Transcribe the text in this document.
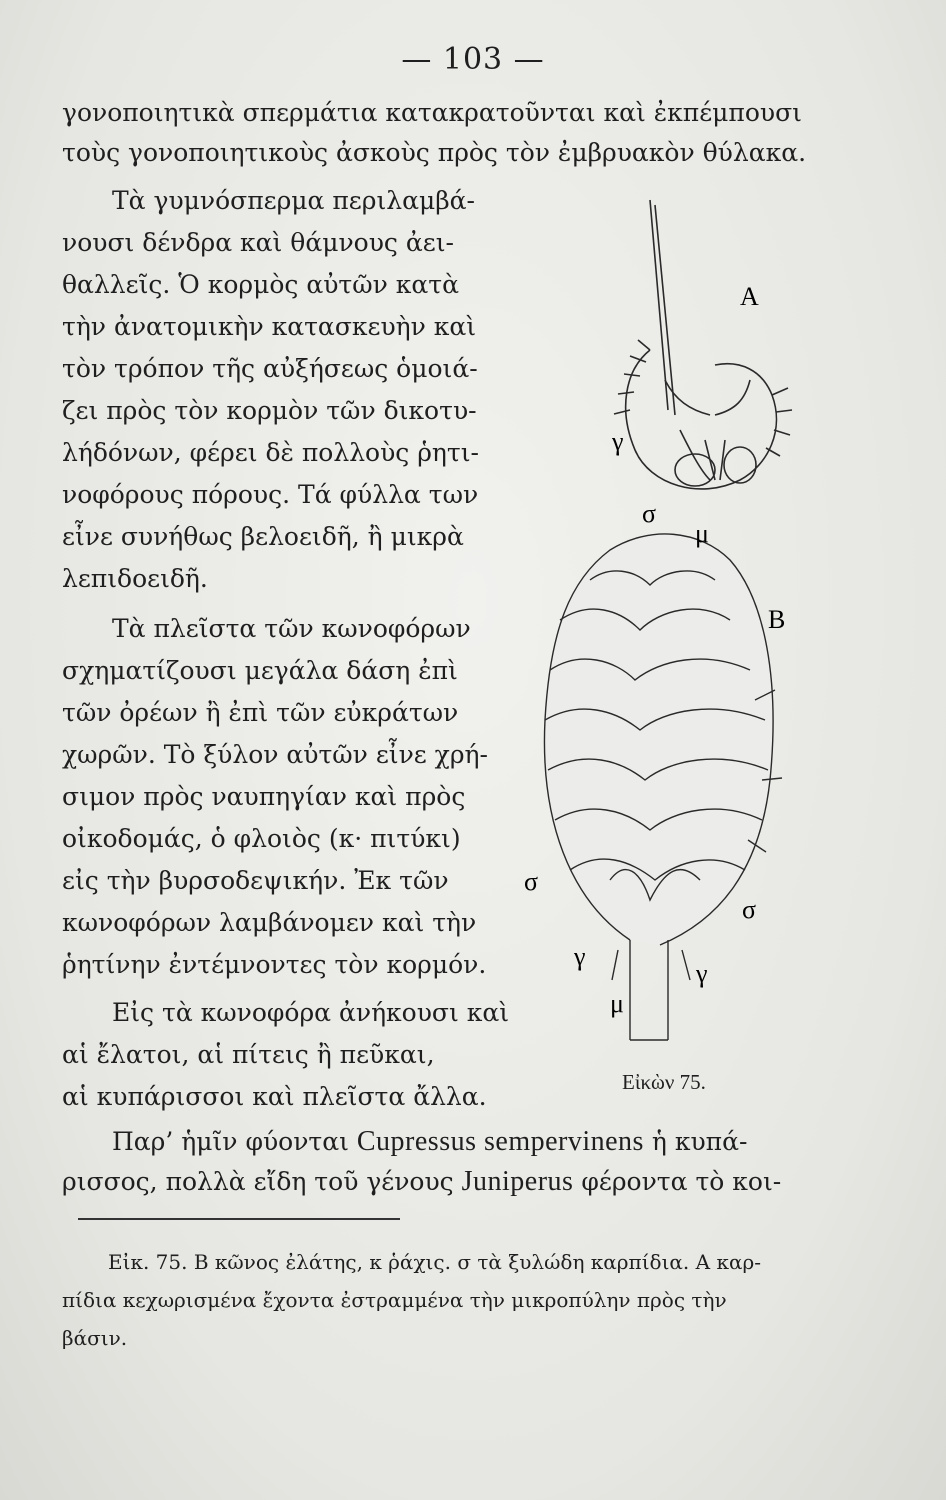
— 103 —
γονοποιητικὰ σπερμάτια κατακρατοῦνται καὶ ἐκπέμπουσι
τοὺς γονοποιητικοὺς ἀσκοὺς πρὸς τὸν ἐμβρυακὸν θύλακα.
Τὰ γυμνόσπερμα περιλαμβά-
νουσι δένδρα καὶ θάμνους ἀει-
θαλλεῖς. Ὁ κορμὸς αὐτῶν κατὰ
τὴν ἀνατομικὴν κατασκευὴν καὶ
τὸν τρόπον τῆς αὐξήσεως ὁμοιά-
ζει πρὸς τὸν κορμὸν τῶν δικοτυ-
λήδόνων, φέρει δὲ πολλοὺς ῥητι-
νοφόρους πόρους. Τά φύλλα των
εἶνε συνήθως βελοειδῆ, ἢ μικρὰ
λεπιδοειδῆ.
Τὰ πλεῖστα τῶν κωνοφόρων
σχηματίζουσι μεγάλα δάση ἐπὶ
τῶν ὀρέων ἢ ἐπὶ τῶν εὐκράτων
χωρῶν. Τὸ ξύλον αὐτῶν εἶνε χρή-
σιμον πρὸς ναυπηγίαν καὶ πρὸς
οἰκοδομάς, ὁ φλοιὸς (κ· πιτύκι)
εἰς τὴν βυρσοδεψικήν. Ἐκ τῶν
κωνοφόρων λαμβάνομεν καὶ τὴν
ῥητίνην ἐντέμνοντες τὸν κορμόν.
Εἰς τὰ κωνοφόρα ἀνήκουσι καὶ
αἱ ἔλατοι, αἱ πίτεις ἢ πεῦκαι,
αἱ κυπάρισσοι καὶ πλεῖστα ἄλλα.
A
γ
σ
μ
B
σ
σ
γ
γ
μ
Εἰκὼν 75.
Παρ’ ἡμῖν φύονται Cupressus sempervinens ἡ κυπά-
ρισσος, πολλὰ εἴδη τοῦ γένους Juniperus φέροντα τὸ κοι-
Εἰκ. 75. Β κῶνος ἐλάτης, κ ῥάχις. σ τὰ ξυλώδη καρπίδια. Α καρ-
πίδια κεχωρισμένα ἔχοντα ἐστραμμένα τὴν μικροπύλην πρὸς τὴν
βάσιν.
